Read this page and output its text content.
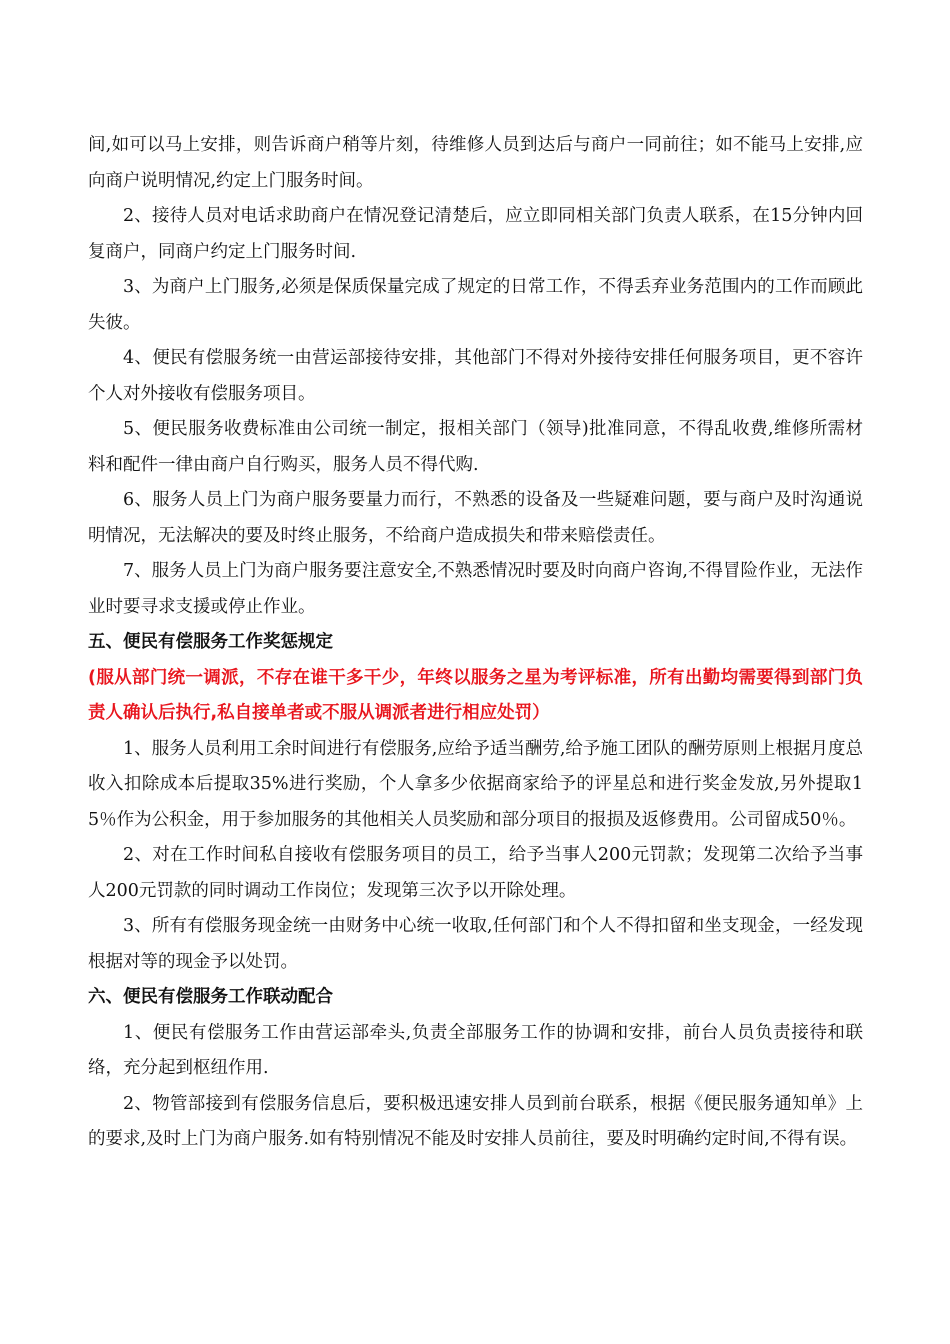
间,如可以马上安排，则告诉商户稍等片刻，待维修人员到达后与商户一同前往；如不能马上安排,应向商户说明情况,约定上门服务时间。

2、接待人员对电话求助商户在情况登记清楚后，应立即同相关部门负责人联系，在15分钟内回复商户，同商户约定上门服务时间.

3、为商户上门服务,必须是保质保量完成了规定的日常工作，不得丢弃业务范围内的工作而顾此失彼。

4、便民有偿服务统一由营运部接待安排，其他部门不得对外接待安排任何服务项目，更不容许个人对外接收有偿服务项目。

5、便民服务收费标准由公司统一制定，报相关部门（领导)批准同意，不得乱收费,维修所需材料和配件一律由商户自行购买，服务人员不得代购.

6、服务人员上门为商户服务要量力而行，不熟悉的设备及一些疑难问题，要与商户及时沟通说明情况，无法解决的要及时终止服务，不给商户造成损失和带来赔偿责任。

7、服务人员上门为商户服务要注意安全,不熟悉情况时要及时向商户咨询,不得冒险作业，无法作业时要寻求支援或停止作业。

五、便民有偿服务工作奖惩规定

(服从部门统一调派，不存在谁干多干少，年终以服务之星为考评标准，所有出勤均需要得到部门负责人确认后执行,私自接单者或不服从调派者进行相应处罚）

1、服务人员利用工余时间进行有偿服务,应给予适当酬劳,给予施工团队的酬劳原则上根据月度总收入扣除成本后提取35%进行奖励，个人拿多少依据商家给予的评星总和进行奖金发放,另外提取15％作为公积金，用于参加服务的其他相关人员奖励和部分项目的报损及返修费用。公司留成50％。

2、对在工作时间私自接收有偿服务项目的员工，给予当事人200元罚款；发现第二次给予当事人200元罚款的同时调动工作岗位；发现第三次予以开除处理。

3、所有有偿服务现金统一由财务中心统一收取,任何部门和个人不得扣留和坐支现金，一经发现根据对等的现金予以处罚。

六、便民有偿服务工作联动配合

1、便民有偿服务工作由营运部牵头,负责全部服务工作的协调和安排，前台人员负责接待和联络，充分起到枢纽作用.

2、物管部接到有偿服务信息后，要积极迅速安排人员到前台联系，根据《便民服务通知单》上的要求,及时上门为商户服务.如有特别情况不能及时安排人员前往，要及时明确约定时间,不得有误。
